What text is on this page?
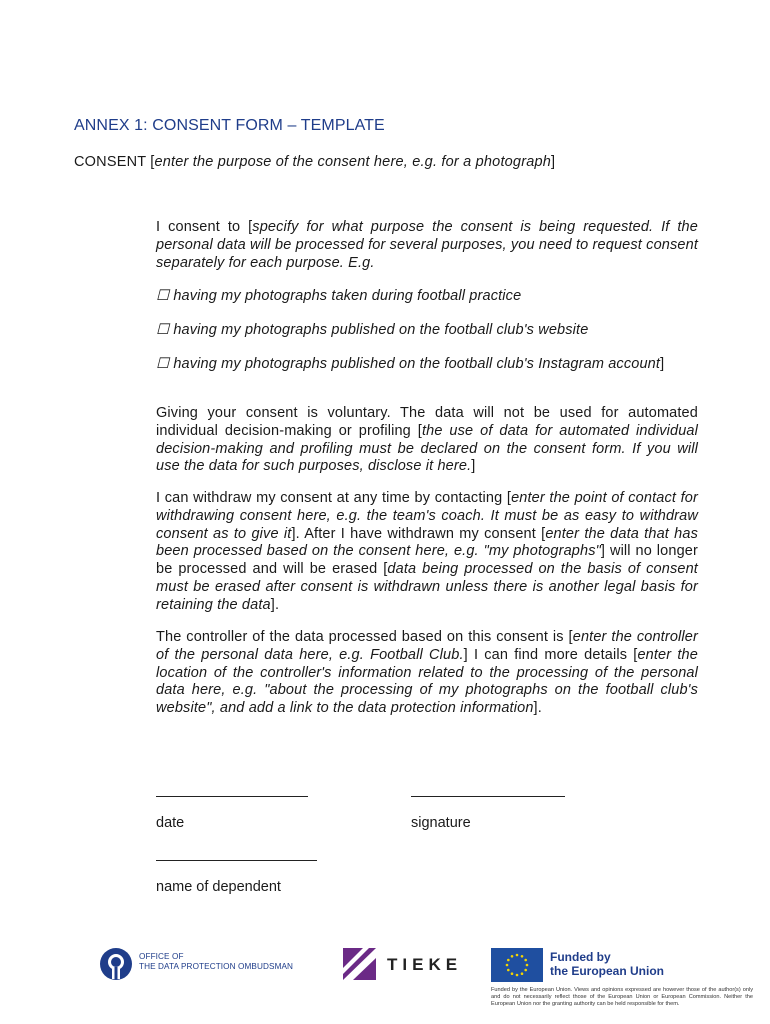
ANNEX 1: CONSENT FORM – TEMPLATE
CONSENT [enter the purpose of the consent here, e.g. for a photograph]
I consent to [specify for what purpose the consent is being requested. If the personal data will be processed for several purposes, you need to request consent separately for each purpose. E.g.
☐ having my photographs taken during football practice
☐ having my photographs published on the football club's website
☐ having my photographs published on the football club's Instagram account]
Giving your consent is voluntary. The data will not be used for automated individual decision-making or profiling [the use of data for automated individual decision-making and profiling must be declared on the consent form. If you will use the data for such purposes, disclose it here.]
I can withdraw my consent at any time by contacting [enter the point of contact for withdrawing consent here, e.g. the team's coach. It must be as easy to withdraw consent as to give it]. After I have withdrawn my consent [enter the data that has been processed based on the consent here, e.g. "my photographs"] will no longer be processed and will be erased [data being processed on the basis of consent must be erased after consent is withdrawn unless there is another legal basis for retaining the data].
The controller of the data processed based on this consent is [enter the controller of the personal data here, e.g. Football Club.] I can find more details [enter the location of the controller's information related to the processing of the personal data here, e.g. "about the processing of my photographs on the football club's website", and add a link to the data protection information].
date	signature
name of dependent
OFFICE OF
THE DATA PROTECTION OMBUDSMAN	TIEKE	Funded by
the European Union
Funded by the European Union. Views and opinions expressed are however those of the author(s) only and do not necessarily reflect those of the European Union or European Commission. Neither the European Union nor the granting authority can be held responsible for them.
